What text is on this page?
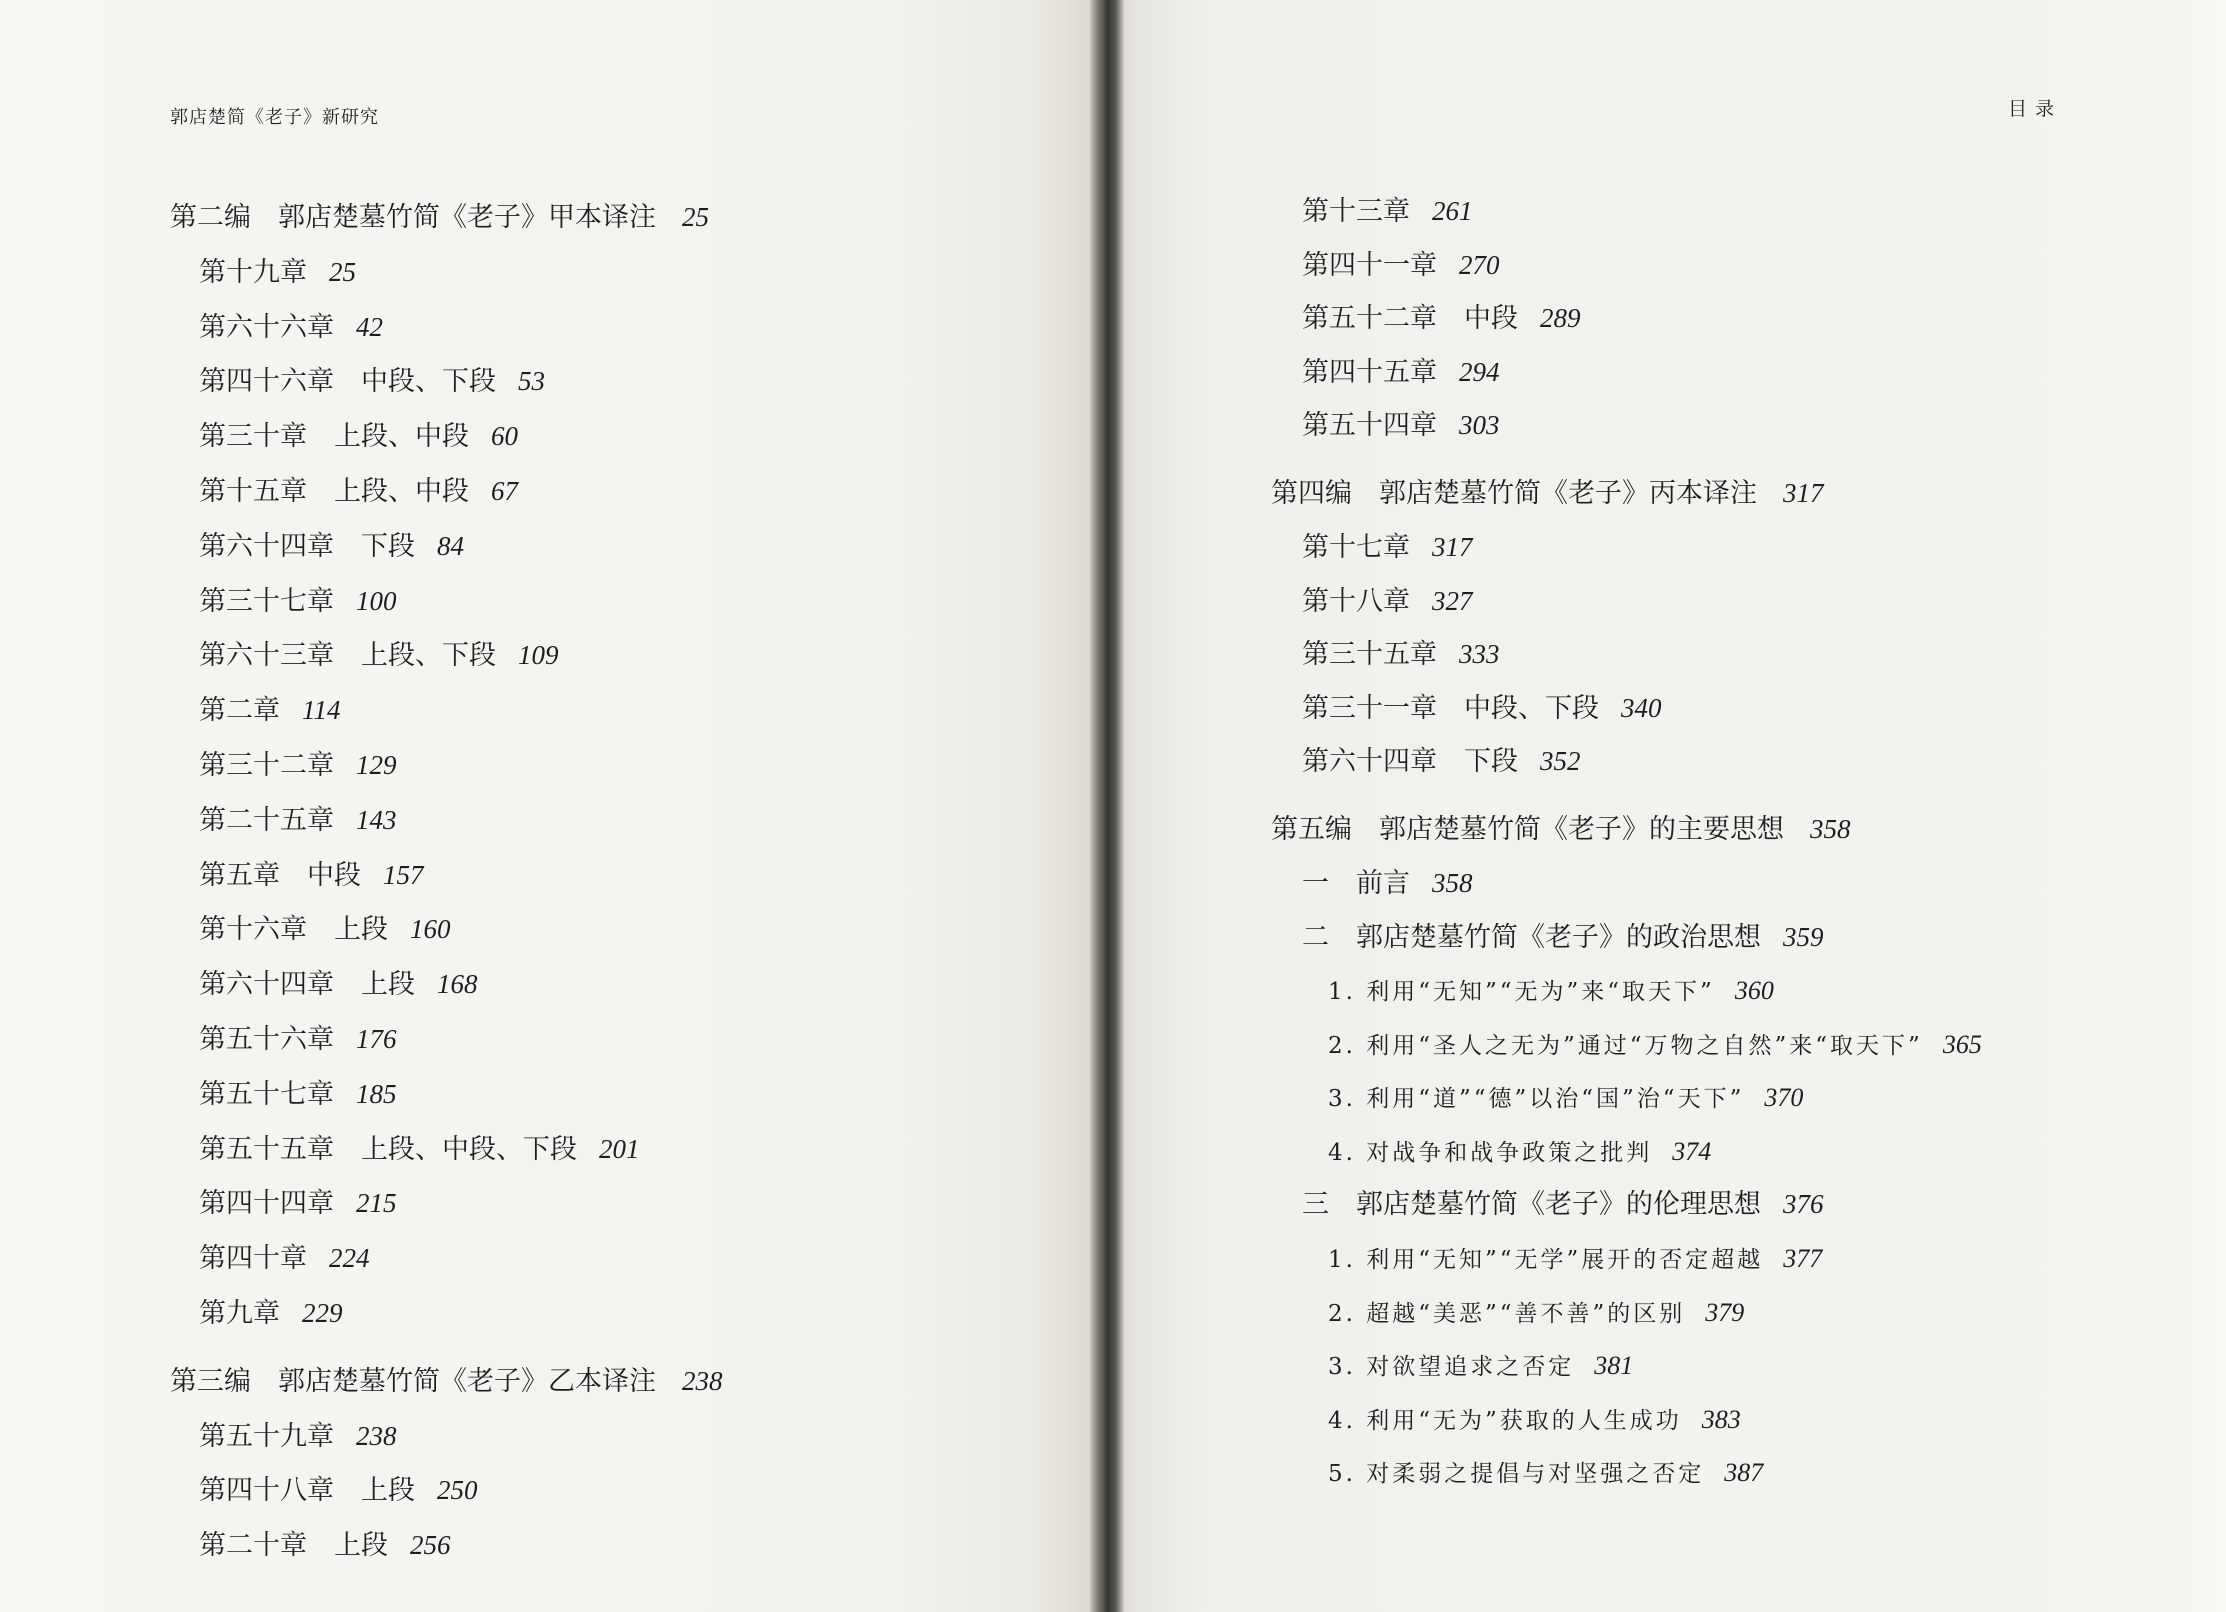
郭店楚简《老子》新研究	目 录
第二编　郭店楚墓竹简《老子》甲本译注 25
第十九章 25
第六十六章 42
第四十六章　中段、下段 53
第三十章　上段、中段 60
第十五章　上段、中段 67
第六十四章　下段 84
第三十七章 100
第六十三章　上段、下段 109
第二章 114
第三十二章 129
第二十五章 143
第五章　中段 157
第十六章　上段 160
第六十四章　上段 168
第五十六章 176
第五十七章 185
第五十五章　上段、中段、下段 201
第四十四章 215
第四十章 224
第九章 229
第三编　郭店楚墓竹简《老子》乙本译注 238
第五十九章 238
第四十八章　上段 250
第二十章　上段 256
第十三章 261
第四十一章 270
第五十二章　中段 289
第四十五章 294
第五十四章 303
第四编　郭店楚墓竹简《老子》丙本译注 317
第十七章 317
第十八章 327
第三十五章 333
第三十一章　中段、下段 340
第六十四章　下段 352
第五编　郭店楚墓竹简《老子》的主要思想 358
一　前言 358
二　郭店楚墓竹简《老子》的政治思想 359
1. 利用“无知”“无为”来“取天下” 360
2. 利用“圣人之无为”通过“万物之自然”来“取天下” 365
3. 利用“道”“德”以治“国”治“天下” 370
4. 对战争和战争政策之批判 374
三　郭店楚墓竹简《老子》的伦理思想 376
1. 利用“无知”“无学”展开的否定超越 377
2. 超越“美恶”“善不善”的区别 379
3. 对欲望追求之否定 381
4. 利用“无为”获取的人生成功 383
5. 对柔弱之提倡与对坚强之否定 387
